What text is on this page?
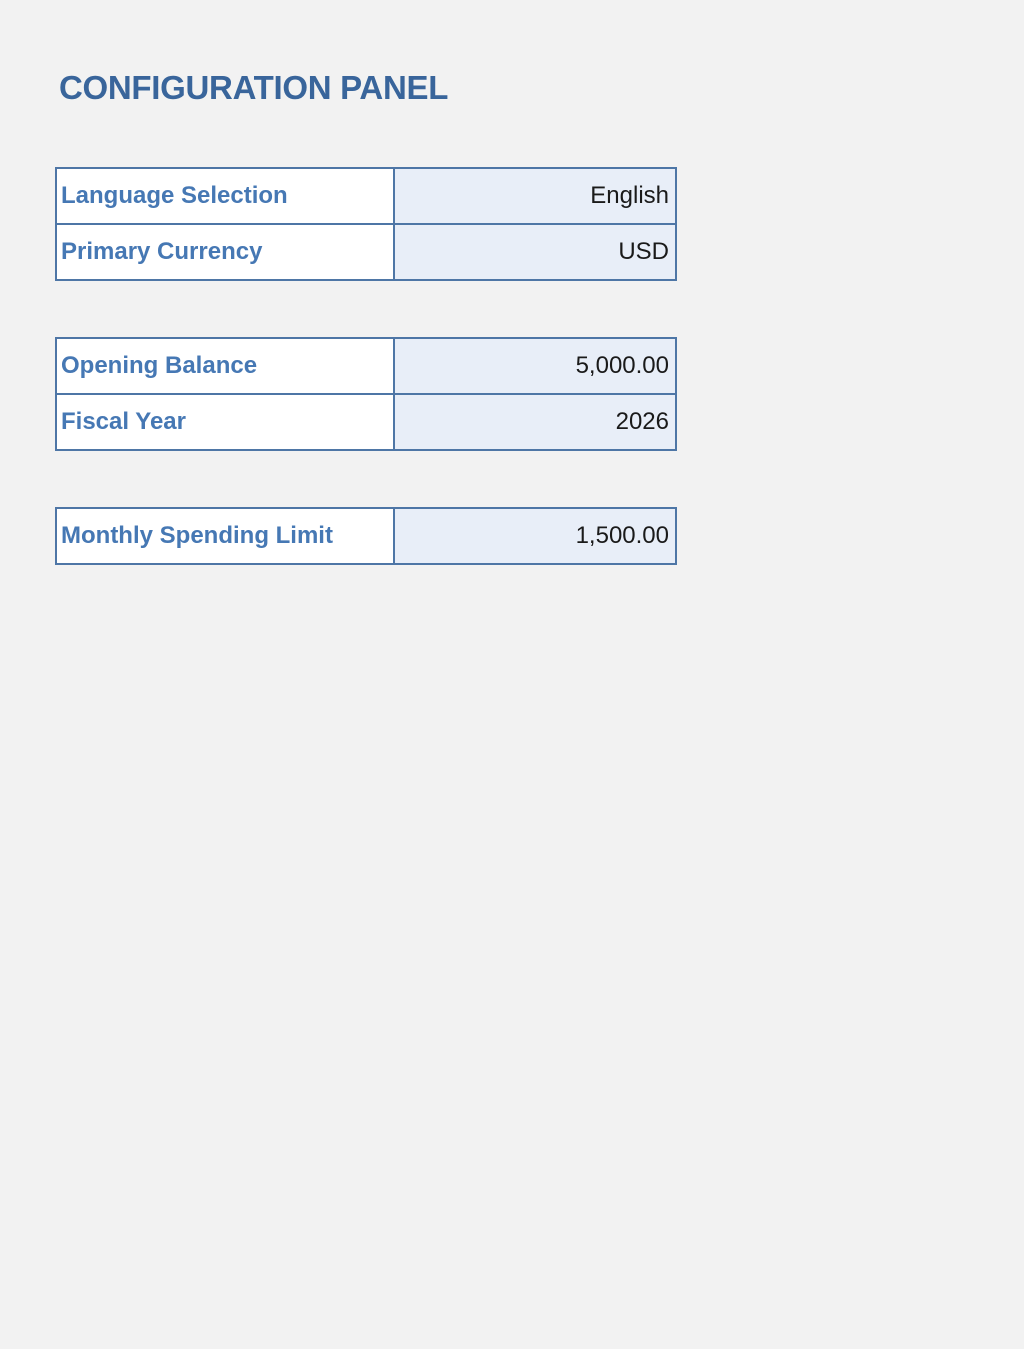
CONFIGURATION PANEL
Language Selection	English
Primary Currency	USD
Opening Balance	5,000.00
Fiscal Year	2026
Monthly Spending Limit	1,500.00
